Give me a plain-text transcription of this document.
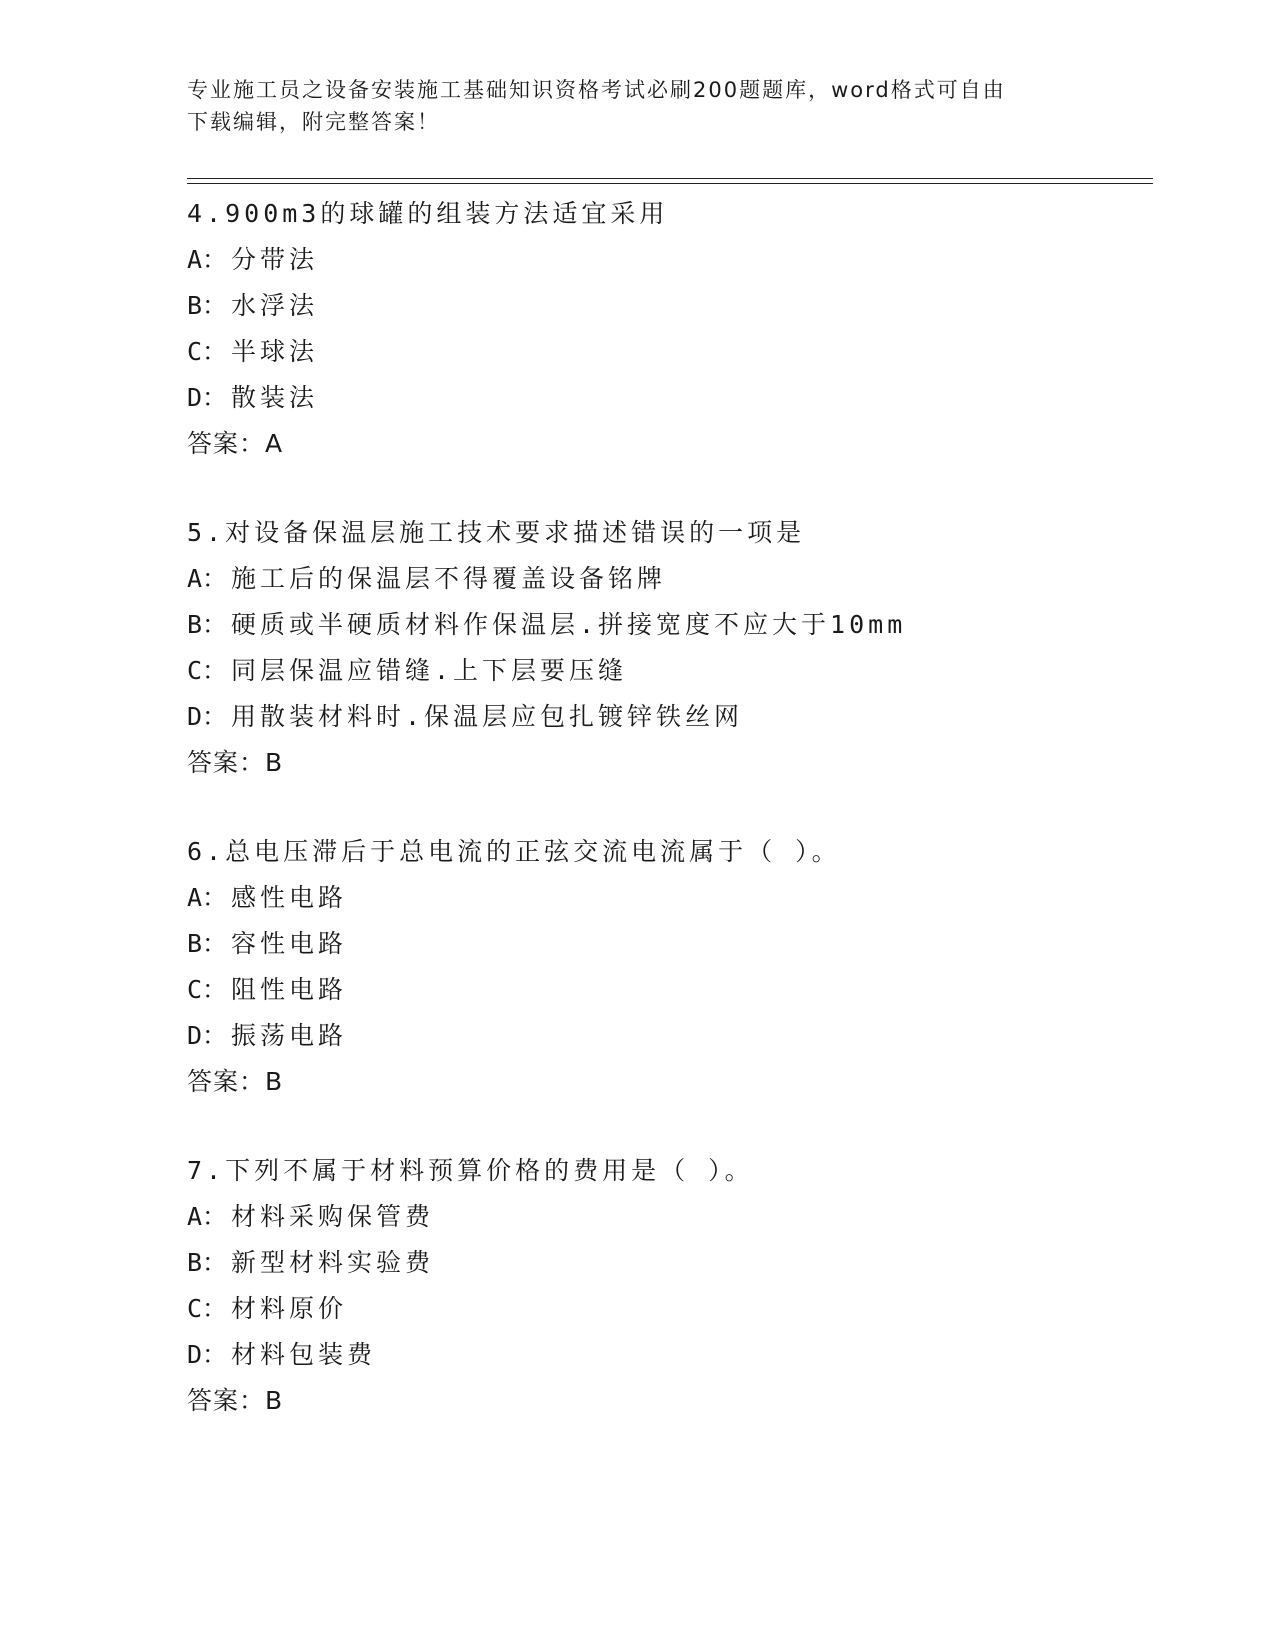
专业施工员之设备安装施工基础知识资格考试必刷200题题库，word格式可自由
下载编辑，附完整答案！
4.900m3的球罐的组装方法适宜采用
A： 分带法
B： 水浮法
C： 半球法
D： 散装法
答案：A
5.对设备保温层施工技术要求描述错误的一项是
A： 施工后的保温层不得覆盖设备铭牌
B： 硬质或半硬质材料作保温层.拼接宽度不应大于10mm
C： 同层保温应错缝.上下层要压缝
D： 用散装材料时.保温层应包扎镀锌铁丝网
答案：B
6.总电压滞后于总电流的正弦交流电流属于（ ）。
A： 感性电路
B： 容性电路
C： 阻性电路
D： 振荡电路
答案：B
7.下列不属于材料预算价格的费用是（ ）。
A： 材料采购保管费
B： 新型材料实验费
C： 材料原价
D： 材料包装费
答案：B
